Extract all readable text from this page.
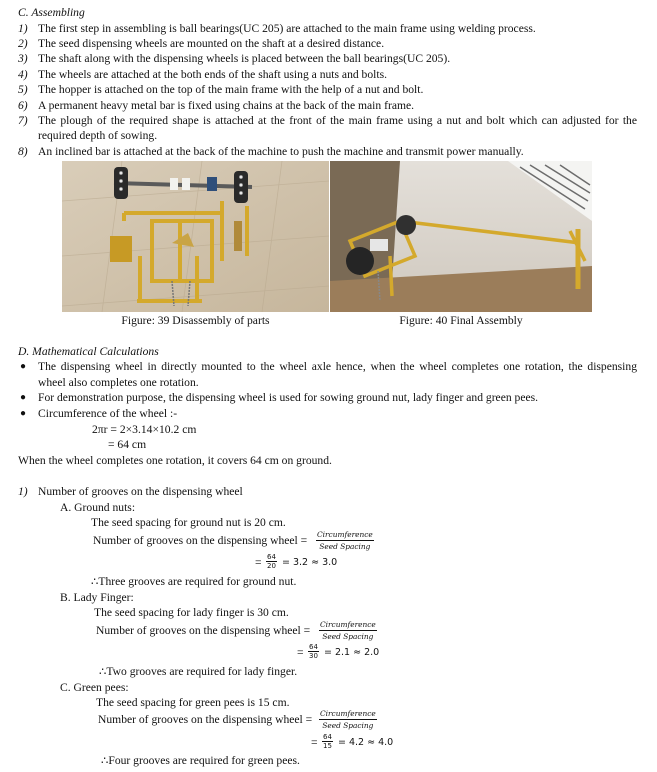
C. Assembling
1) The first step in assembling is ball bearings(UC 205) are attached to the main frame using welding process.
2) The seed dispensing wheels are mounted on the shaft at a desired distance.
3) The shaft along with the dispensing wheels is placed between the ball bearings(UC 205).
4) The wheels are attached at the both ends of the shaft using a nuts and bolts.
5) The hopper is attached on the top of the main frame with the help of a nut and bolt.
6) A permanent heavy metal bar is fixed using chains at the back of the main frame.
7) The plough of the required shape is attached at the front of the main frame using a nut and bolt which can adjusted for the
required depth of sowing.
8) An inclined bar is attached at the back of the machine to push the machine and transmit power manually.
Figure: 39 Disassembly of parts	Figure: 40 Final Assembly
D. Mathematical Calculations
● The dispensing wheel in directly mounted to the wheel axle hence, when the wheel completes one rotation, the dispensing
wheel also completes one rotation.
● For demonstration purpose, the dispensing wheel is used for sowing ground nut, lady finger and green pees.
● Circumference of the wheel :-
2πr = 2×3.14×10.2 cm
= 64 cm
When the wheel completes one rotation, it covers 64 cm on ground.
1) Number of grooves on the dispensing wheel
A. Ground nuts:
The seed spacing for ground nut is 20 cm.
Number of grooves on the dispensing wheel = Circumference
Seed Spacing
= $\frac{64}{20} = 3.2 \approx 3.0$
∴Three grooves are required for ground nut.
B. Lady Finger:
The seed spacing for lady finger is 30 cm.
Number of grooves on the dispensing wheel = Circumference
Seed Spacing
= $\frac{64}{30} = 2.1 \approx 2.0$
∴Two grooves are required for lady finger.
C. Green pees:
The seed spacing for green pees is 15 cm.
Number of grooves on the dispensing wheel = Circumference
Seed Spacing
= $\frac{64}{15} = 4.2 \approx 4.0$
∴Four grooves are required for green pees.
